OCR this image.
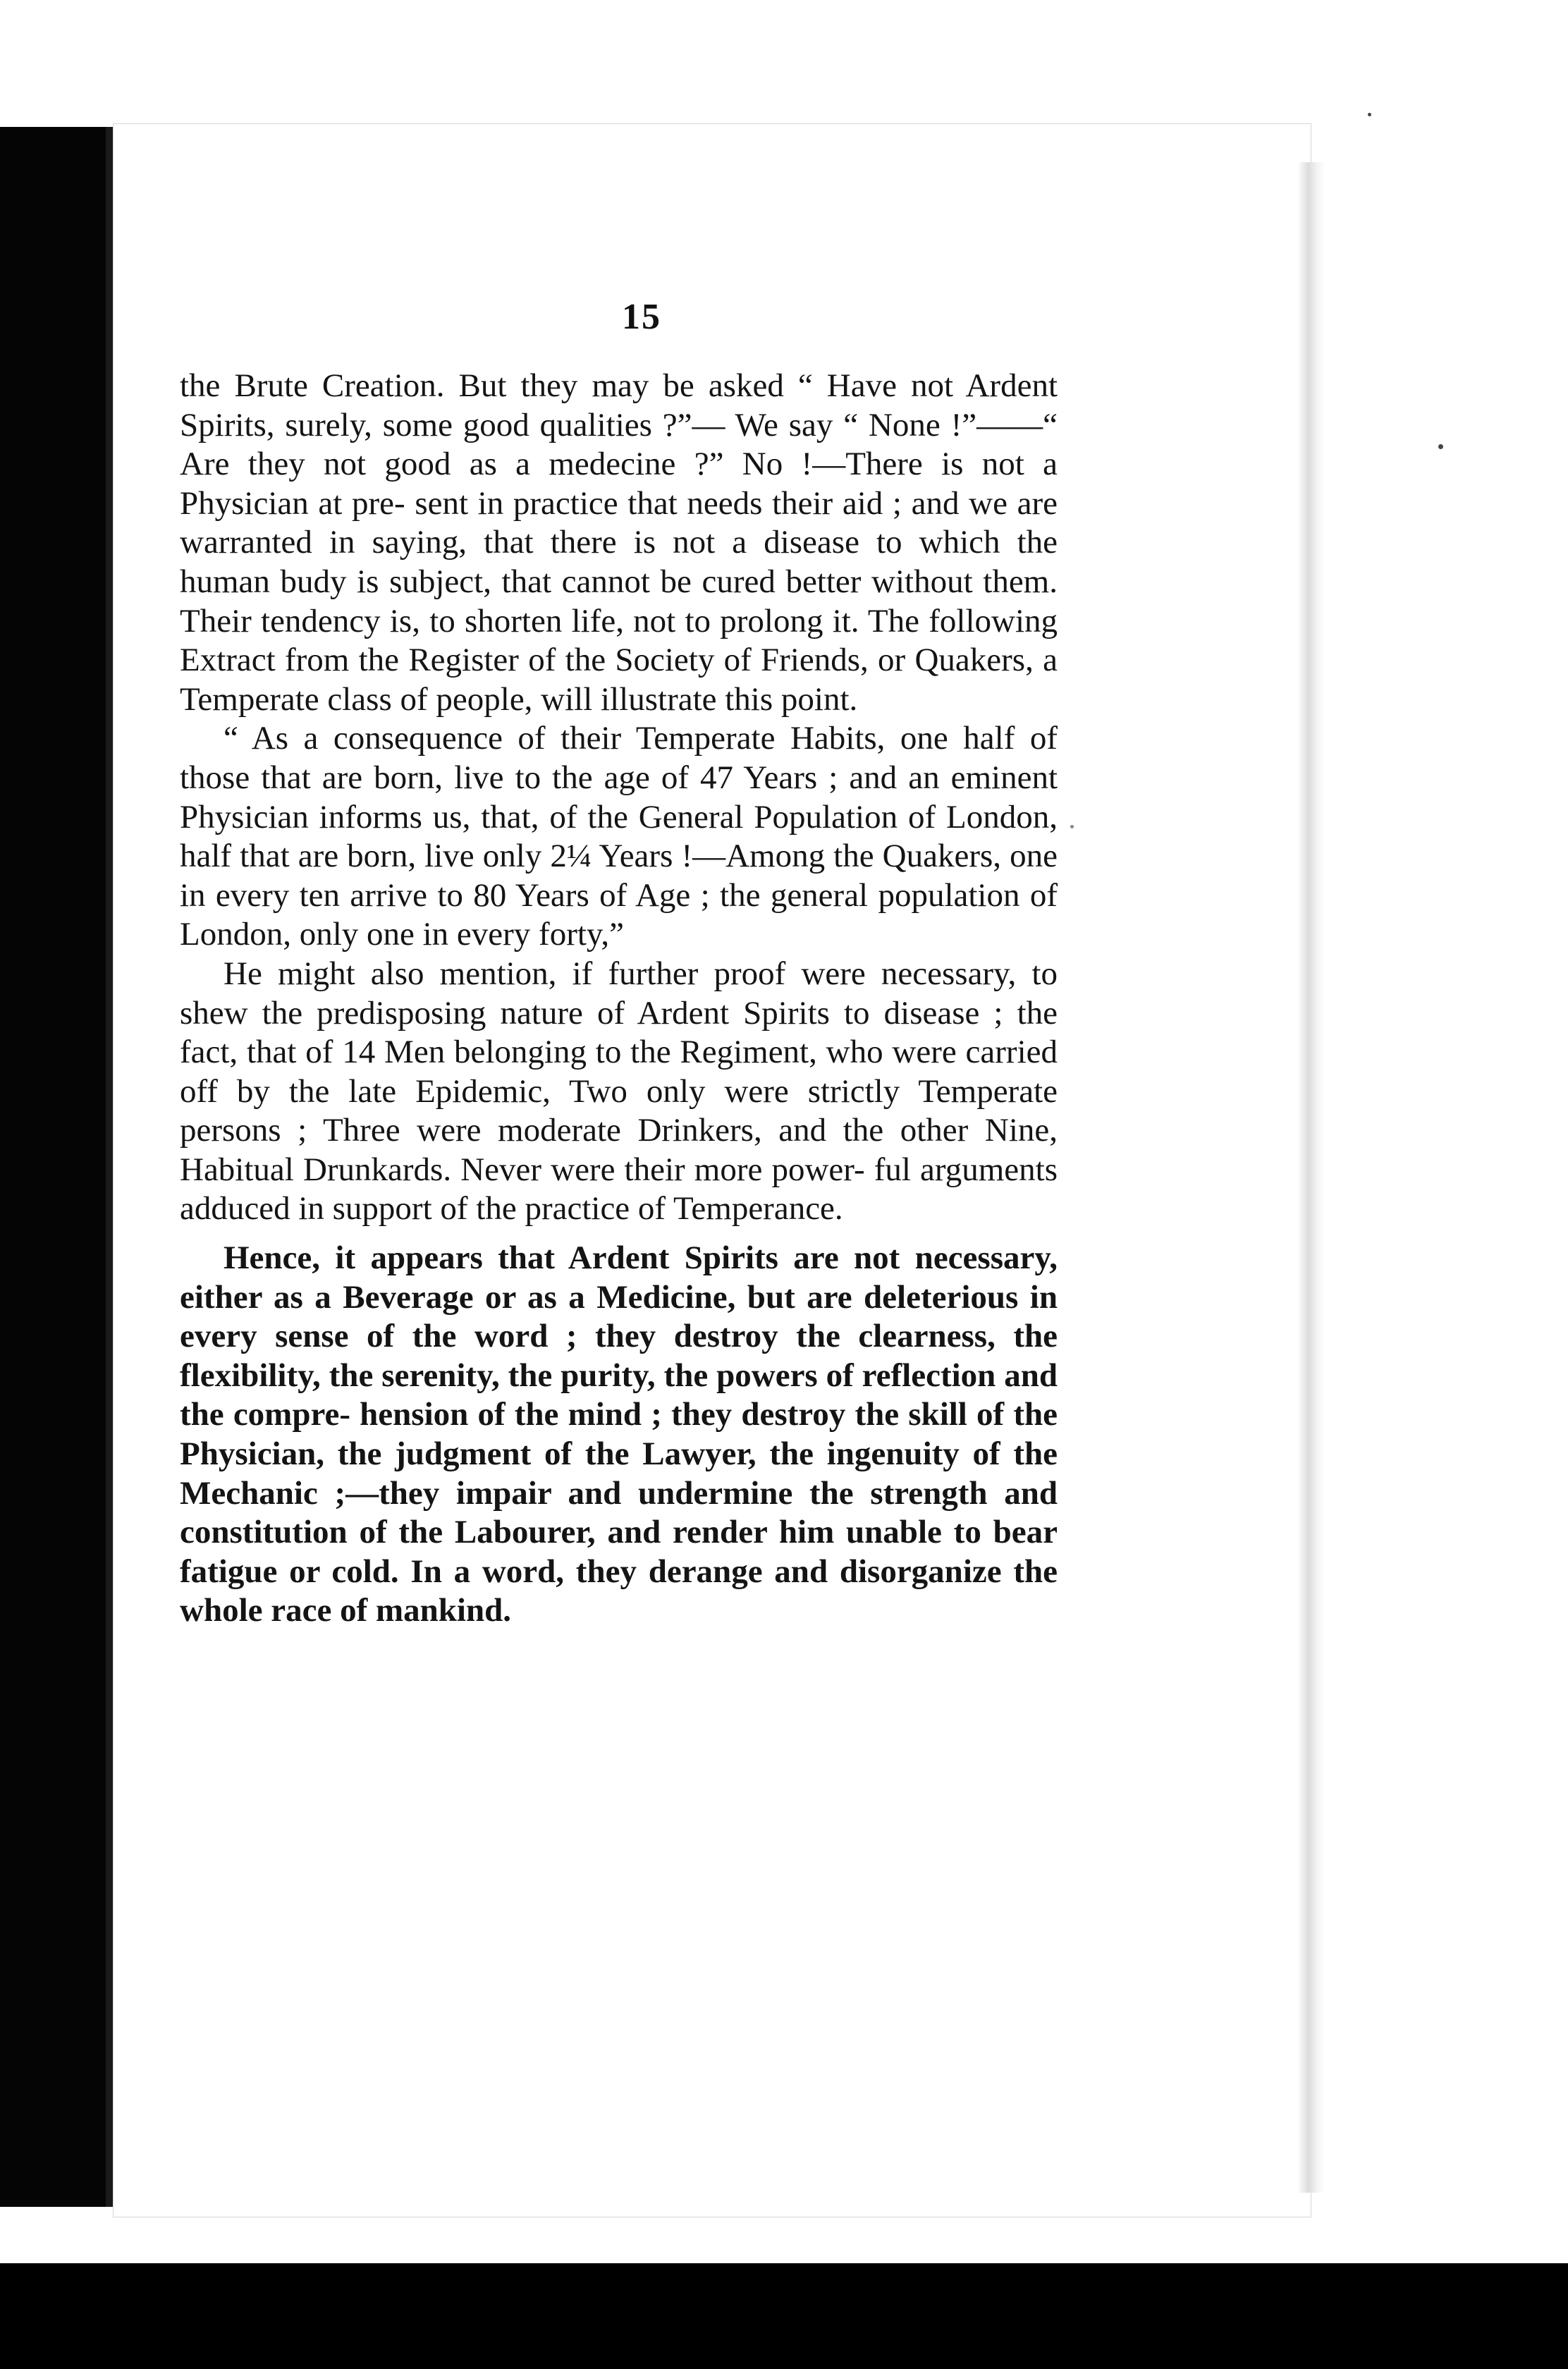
15

the Brute Creation. But they may be asked “ Have not Ardent Spirits, surely, some good qualities ?”— We say “ None !”——“ Are they not good as a medecine ?” No !—There is not a Physician at pre- sent in practice that needs their aid ; and we are warranted in saying, that there is not a disease to which the human budy is subject, that cannot be cured better without them. Their tendency is, to shorten life, not to prolong it. The following Extract from the Register of the Society of Friends, or Quakers, a Temperate class of people, will illustrate this point.

“ As a consequence of their Temperate Habits, one half of those that are born, live to the age of 47 Years ; and an eminent Physician informs us, that, of the General Population of London, half that are born, live only 2¼ Years !—Among the Quakers, one in every ten arrive to 80 Years of Age ; the general population of London, only one in every forty,”

He might also mention, if further proof were necessary, to shew the predisposing nature of Ardent Spirits to disease ; the fact, that of 14 Men belonging to the Regiment, who were carried off by the late Epidemic, Two only were strictly Temperate persons ; Three were moderate Drinkers, and the other Nine, Habitual Drunkards. Never were their more power- ful arguments adduced in support of the practice of Temperance.

Hence, it appears that Ardent Spirits are not necessary, either as a Beverage or as a Medicine, but are deleterious in every sense of the word ; they destroy the clearness, the flexibility, the serenity, the purity, the powers of reflection and the compre- hension of the mind ; they destroy the skill of the Physician, the judgment of the Lawyer, the ingenuity of the Mechanic ;—they impair and undermine the strength and constitution of the Labourer, and render him unable to bear fatigue or cold. In a word, they derange and disorganize the whole race of mankind.
